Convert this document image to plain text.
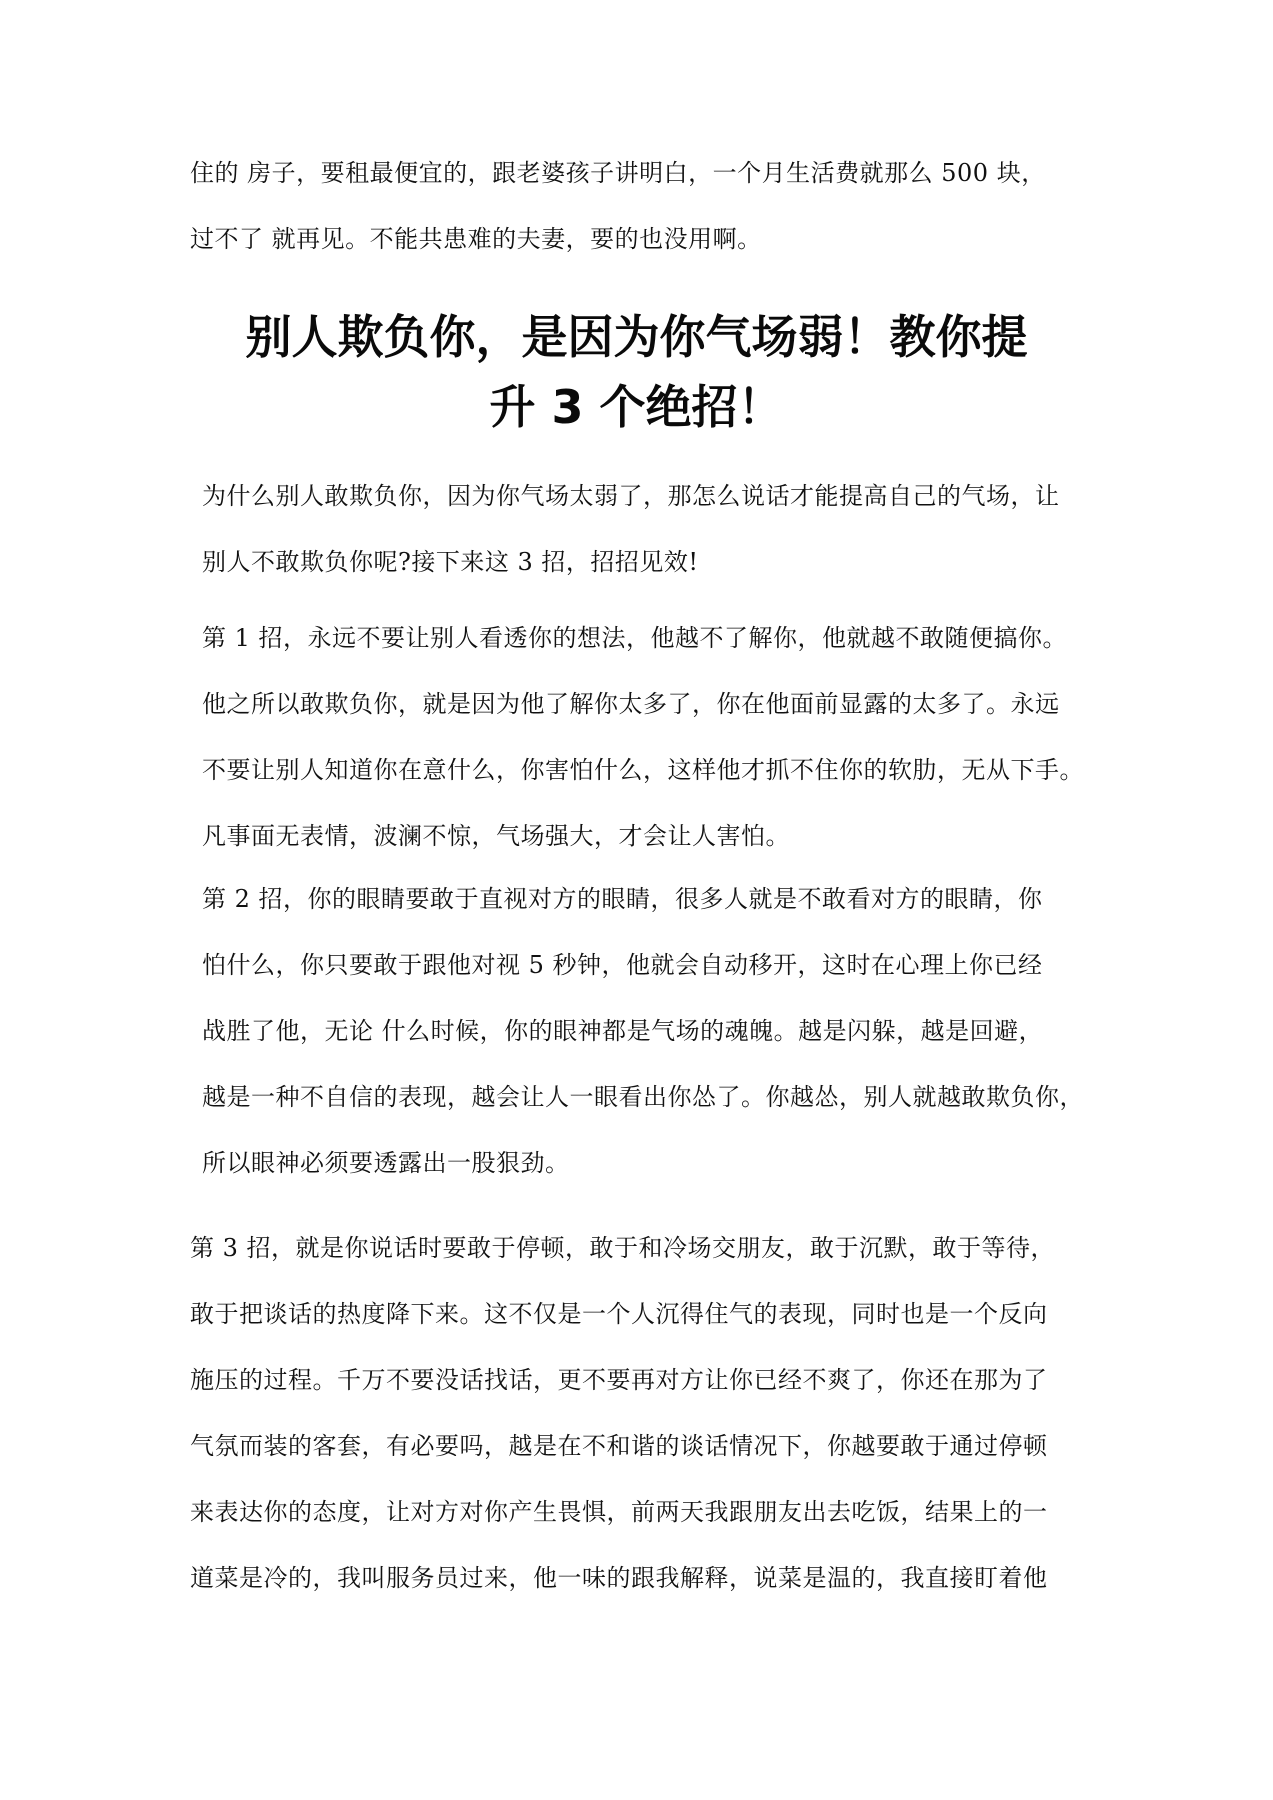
住的 房子，要租最便宜的，跟老婆孩子讲明白，一个月生活费就那么 500 块，
过不了 就再见。不能共患难的夫妻，要的也没用啊。
别人欺负你，是因为你气场弱！教你提
升 3 个绝招！
为什么别人敢欺负你，因为你气场太弱了，那怎么说话才能提高自己的气场，让
别人不敢欺负你呢?接下来这 3 招，招招见效!
第 1 招，永远不要让别人看透你的想法，他越不了解你，他就越不敢随便搞你。
他之所以敢欺负你，就是因为他了解你太多了，你在他面前显露的太多了。永远
不要让别人知道你在意什么，你害怕什么，这样他才抓不住你的软肋，无从下手。
凡事面无表情，波澜不惊，气场强大，才会让人害怕。
第 2 招，你的眼睛要敢于直视对方的眼睛，很多人就是不敢看对方的眼睛，你
怕什么，你只要敢于跟他对视 5 秒钟，他就会自动移开，这时在心理上你已经
战胜了他，无论 什么时候，你的眼神都是气场的魂魄。越是闪躲，越是回避，
越是一种不自信的表现，越会让人一眼看出你怂了。你越怂，别人就越敢欺负你，
所以眼神必须要透露出一股狠劲。
第 3 招，就是你说话时要敢于停顿，敢于和冷场交朋友，敢于沉默，敢于等待，
敢于把谈话的热度降下来。这不仅是一个人沉得住气的表现，同时也是一个反向
施压的过程。千万不要没话找话，更不要再对方让你已经不爽了，你还在那为了
气氛而装的客套，有必要吗，越是在不和谐的谈话情况下，你越要敢于通过停顿
来表达你的态度，让对方对你产生畏惧，前两天我跟朋友出去吃饭，结果上的一
道菜是冷的，我叫服务员过来，他一味的跟我解释，说菜是温的，我直接盯着他
